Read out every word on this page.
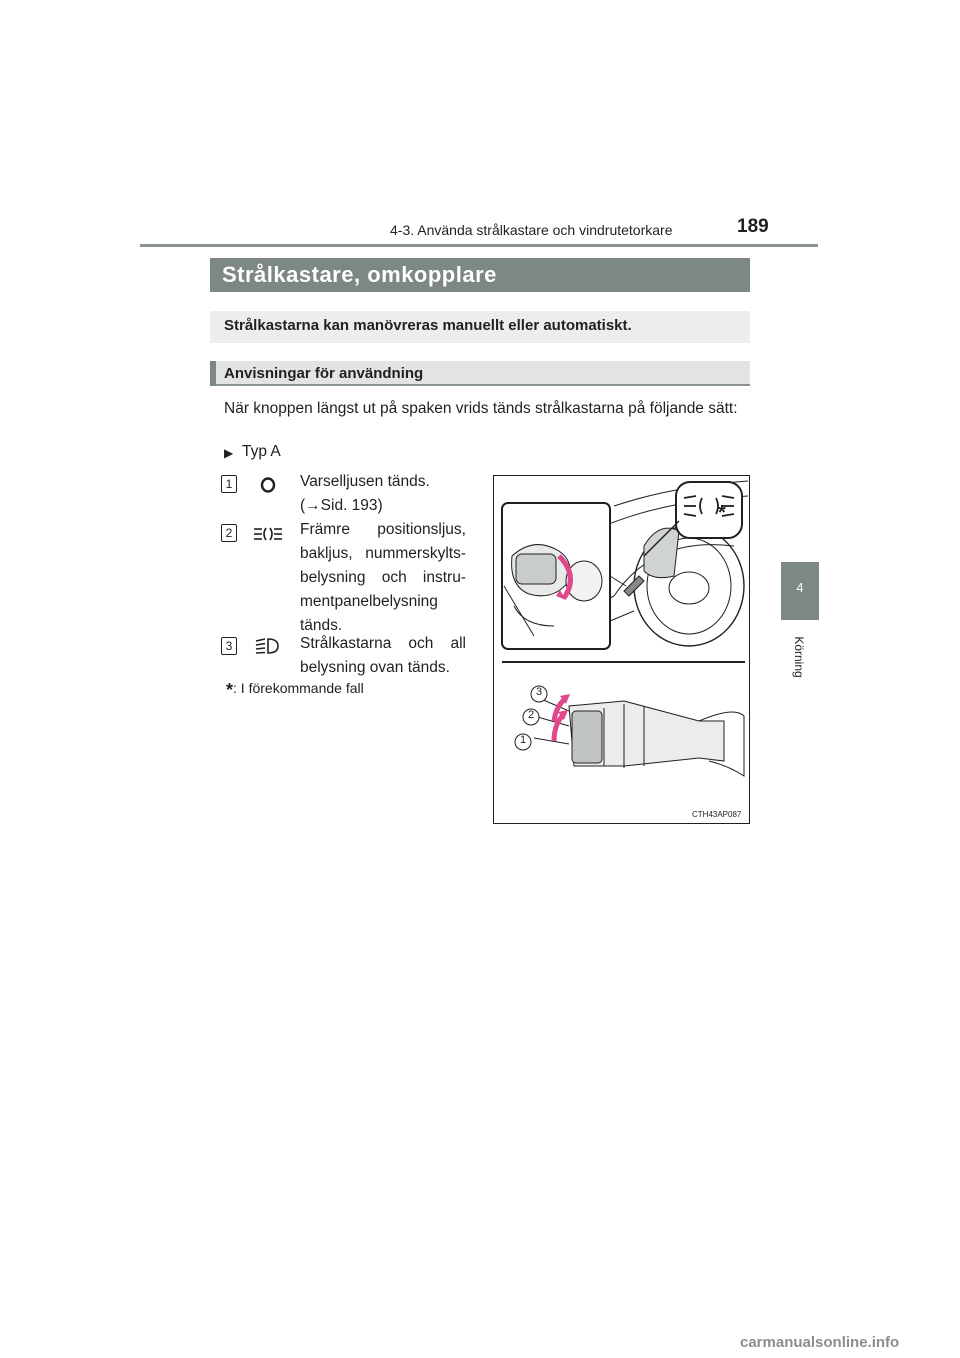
4-3. Använda strålkastare och vindrutetorkare	189
4
Körning
Strålkastare, omkopplare
Strålkastarna kan manövreras manuellt eller automatiskt.
Anvisningar för användning
När knoppen längst ut på spaken vrids tänds strålkastarna på följande sätt:
▶ Typ A
1	Varselljusen tänds.
(→Sid. 193)
2	Främre positionsljus,
bakljus, nummerskylts-
belysning och instru-
mentpanelbelysning
tänds.
3	Strålkastarna och all
belysning ovan tänds.
*: I förekommande fall
*
3
2
1
CTH43AP087
carmanualsonline.info
